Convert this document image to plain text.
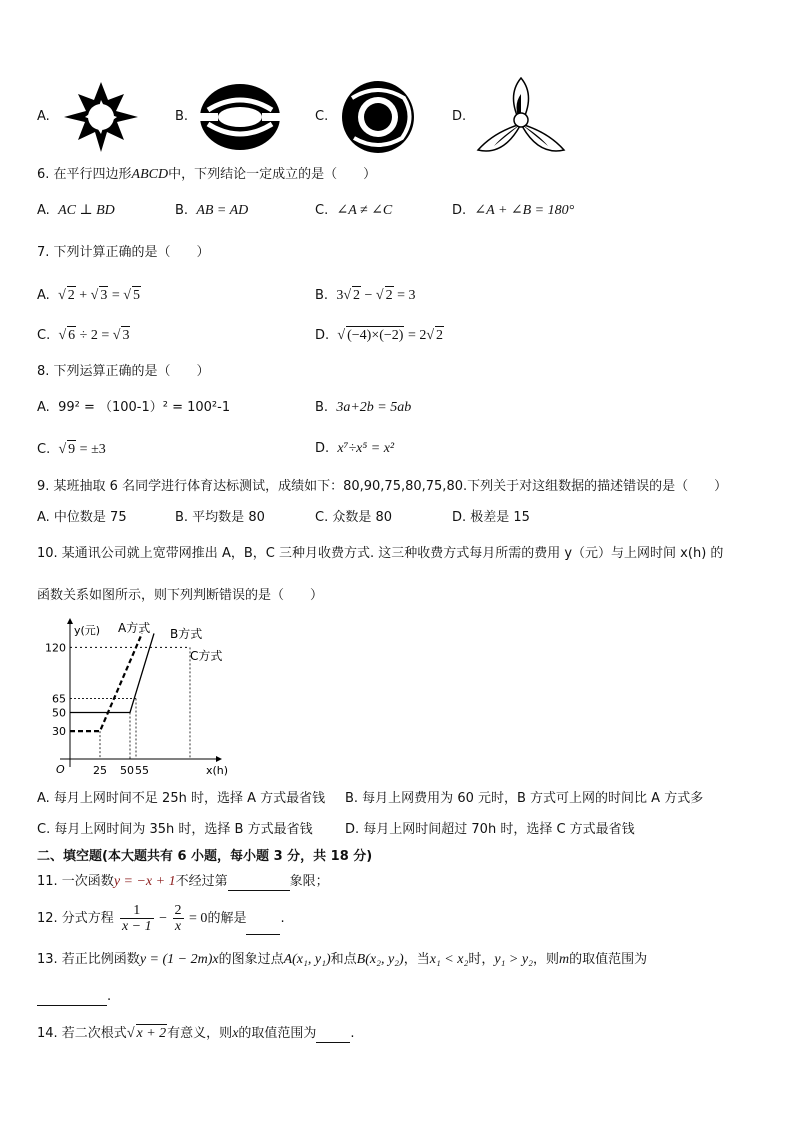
A.	B.	C.	D.
6. 在平行四边形ABCD中，下列结论一定成立的是（　　）
A. AC ⊥ BD	B. AB = AD	C. ∠A ≠ ∠C	D. ∠A + ∠B = 180°
7. 下列计算正确的是（　　）
A. √ 2 + √ 3 = √ 5	B. 3√ 2 − √ 2 = 3
C. √ 6 ÷ 2 = √ 3	D. √ (−4)×(−2) = 2√ 2
8. 下列运算正确的是（　　）
A. 99² = （100-1）² = 100²-1	B. 3a+2b = 5ab
C. √ 9 = ±3	D. x⁷÷x⁵ = x²
9. 某班抽取 6 名同学进行体育达标测试，成绩如下：80,90,75,80,75,80.下列关于对这组数据的描述错误的是（　　）
A. 中位数是 75	B. 平均数是 80	C. 众数是 80	D. 极差是 15
10. 某通讯公司就上宽带网推出 A，B，C 三种月收费方式. 这三种收费方式每月所需的费用 y（元）与上网时间 x(h) 的
函数关系如图所示，则下列判断错误的是（　　）
120
65
50
30
25 50 55
y(元)
x(h)
O
A方式 B方式
C方式
A. 每月上网时间不足 25h 时，选择 A 方式最省钱 B. 每月上网费用为 60 元时，B 方式可上网的时间比 A 方式多
C. 每月上网时间为 35h 时，选择 B 方式最省钱 D. 每月上网时间超过 70h 时，选择 C 方式最省钱
二、填空题(本大题共有 6 小题，每小题 3 分，共 18 分)
11. 一次函数y = −x + 1不经过第	象限；
12. 分式方程 $\frac{1}{x - 1} - \frac{2}{x} = 0$的解是	.
13. 若正比例函数y = (1 − 2m)x的图象过点A(x₁, y₁)和点B(x₂, y₂)，当x₁ < x₂时，y₁ > y₂，则m的取值范围为
.
14. 若二次根式√ x + 2有意义，则x的取值范围为	.
